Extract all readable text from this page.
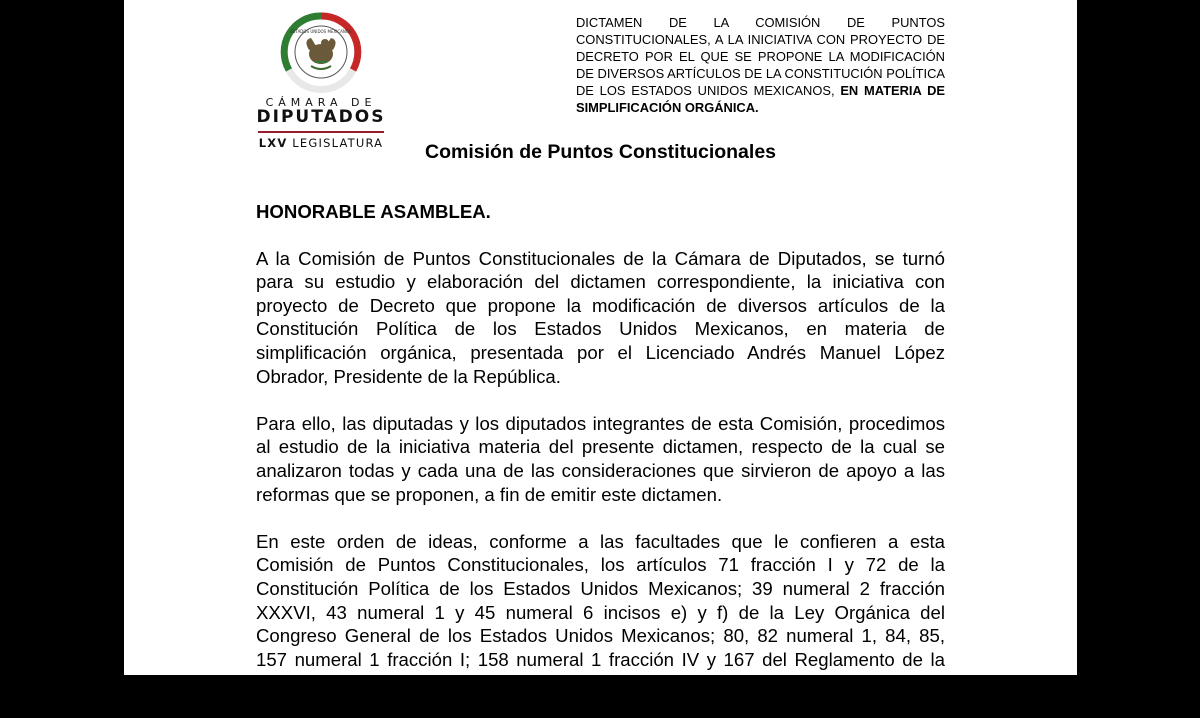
ESTADOS UNIDOS MEXICANOS
CÁMARA DE
DIPUTADOS
LXV LEGISLATURA
DICTAMEN DE LA COMISIÓN DE PUNTOS CONSTITUCIONALES, A LA INICIATIVA CON PROYECTO DE DECRETO POR EL QUE SE PROPONE LA MODIFICACIÓN DE DIVERSOS ARTÍCULOS DE LA CONSTITUCIÓN POLÍTICA DE LOS ESTADOS UNIDOS MEXICANOS, EN MATERIA DE SIMPLIFICACIÓN ORGÁNICA.
Comisión de Puntos Constitucionales

HONORABLE ASAMBLEA.

A la Comisión de Puntos Constitucionales de la Cámara de Diputados, se turnó para su estudio y elaboración del dictamen correspondiente, la iniciativa con proyecto de Decreto que propone la modificación de diversos artículos de la Constitución Política de los Estados Unidos Mexicanos, en materia de simplificación orgánica, presentada por el Licenciado Andrés Manuel López Obrador, Presidente de la República.

Para ello, las diputadas y los diputados integrantes de esta Comisión, procedimos al estudio de la iniciativa materia del presente dictamen, respecto de la cual se analizaron todas y cada una de las consideraciones que sirvieron de apoyo a las reformas que se proponen, a fin de emitir este dictamen.

En este orden de ideas, conforme a las facultades que le confieren a esta Comisión de Puntos Constitucionales, los artículos 71 fracción I y 72 de la Constitución Política de los Estados Unidos Mexicanos; 39 numeral 2 fracción XXXVI, 43 numeral 1 y 45 numeral 6 incisos e) y f) de la Ley Orgánica del Congreso General de los Estados Unidos Mexicanos; 80, 82 numeral 1, 84, 85, 157 numeral 1 fracción I; 158 numeral 1 fracción IV y 167 del Reglamento de la Cámara de Diputados, se somete a la consideración y, en su caso, a la
